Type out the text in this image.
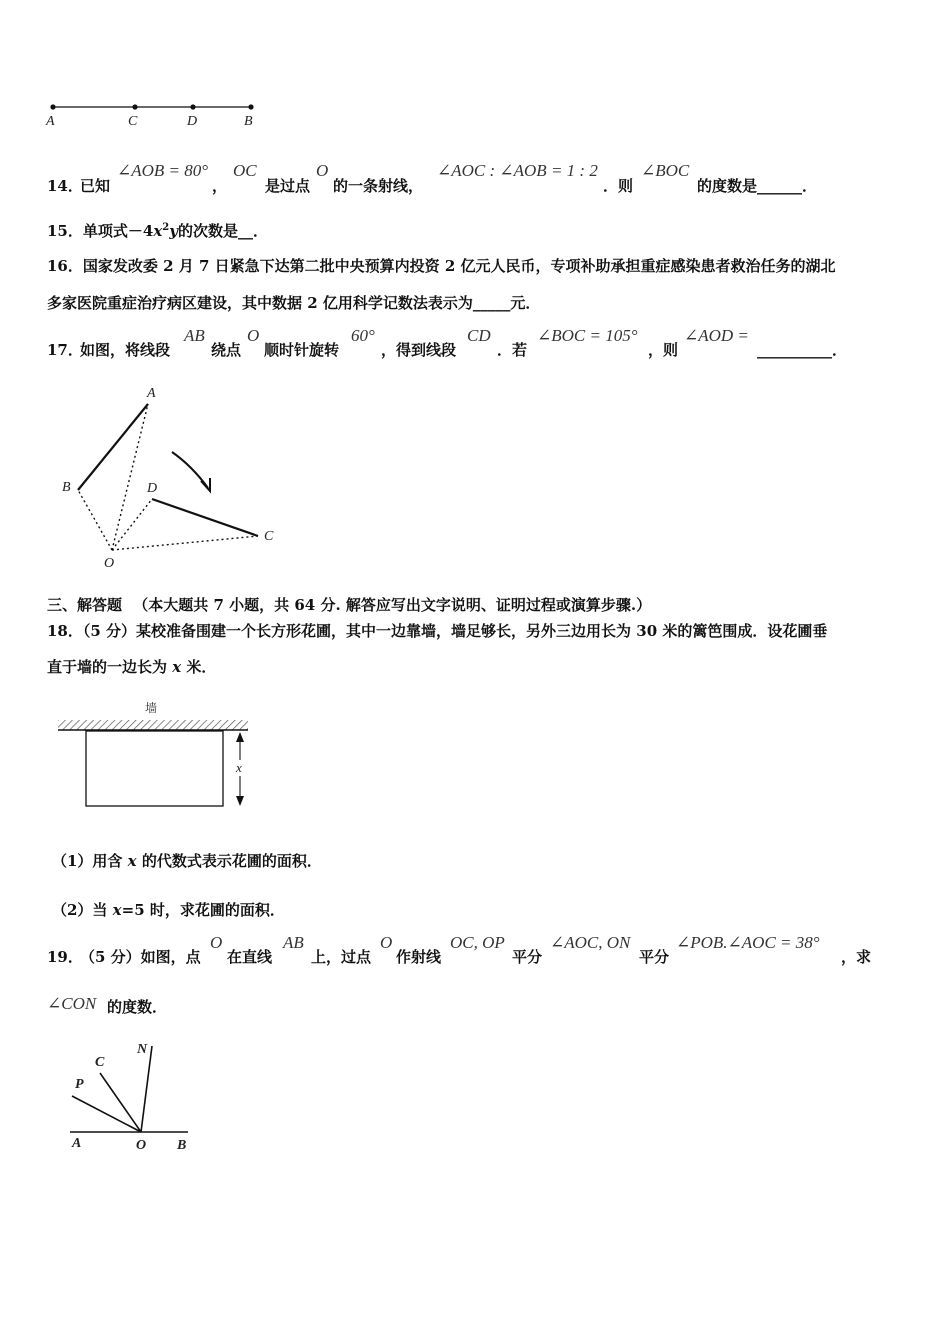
A	C	D	B
14．
已知
∠AOB = 80°
，
OC
是过点
O
的一条射线，
∠AOC : ∠AOB = 1 : 2
．则
∠BOC
的度数是______．
15．单项式$-4x^2y$的次数是__．
16．国家发改委 2 月 7 日紧急下达第二批中央预算内投资 2 亿元人民币，专项补助承担重症感染患者救治任务的湖北
多家医院重症治疗病区建设，其中数据 2 亿用科学记数法表示为_____元．
17．
如图，将线段
AB
绕点
O
顺时针旋转
60°
，得到线段
CD
．若
∠BOC = 105°
，则
∠AOD =
__________．
A
B	D
C
O
三、解答题 （本大题共 7 小题，共 64 分. 解答应写出文字说明、证明过程或演算步骤.）
18．（5 分）某校准备围建一个长方形花圃，其中一边靠墙，墙足够长，另外三边用长为 30 米的篱笆围成．设花圃垂
直于墙的一边长为 x 米．
墙
x
（1）用含 x 的代数式表示花圃的面积．
（2）当 x=5 时，求花圃的面积．
19．
（5 分）如图，点
O
在直线
AB
上，过点
O
作射线
OC, OP
平分
∠AOC, ON
平分
∠POB.∠AOC = 38°
，求
∠CON 的度数．
N
C
P
A	O B
